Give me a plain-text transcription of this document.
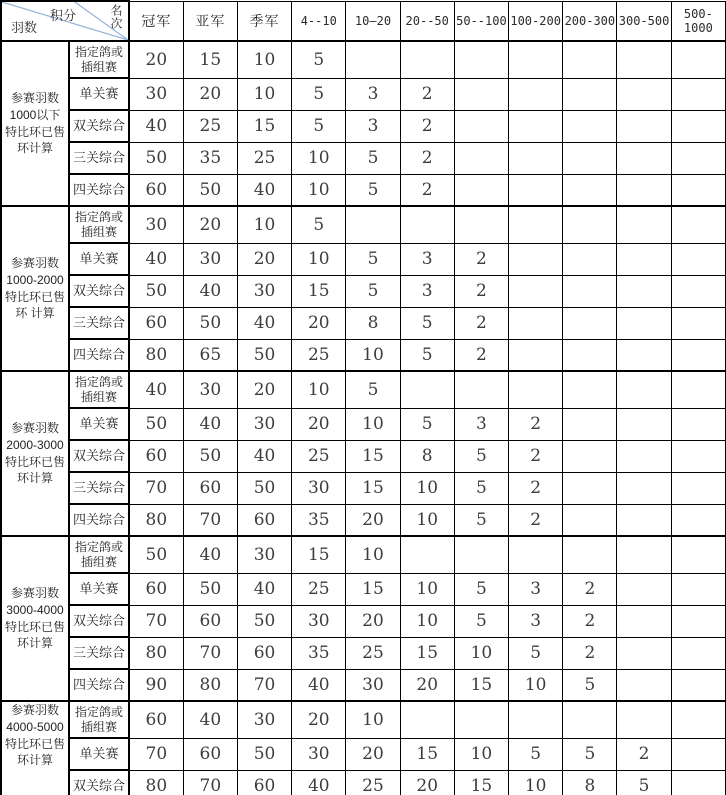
积分 名次
羽数		冠军	亚军	季军	4--10	10—20	20--50	50--100	100-200	200-300	300-500	500-1000

参赛羽数
1000以下
特比环已售
环计算

指定鸽或
插组赛	20	15	10	5							

	单关赛	30	20	10	5	3	2					

	双关综合	40	25	15	5	3	2					

	三关综合	50	35	25	10	5	2					

	四关综合	60	50	40	10	5	2					

参赛羽数
1000-2000
特比环已售
环 计算

指定鸽或
插组赛	30	20	10	5							

	单关赛	40	30	20	10	5	3	2				

	双关综合	50	40	30	15	5	3	2				

	三关综合	60	50	40	20	8	5	2				

	四关综合	80	65	50	25	10	5	2				

参赛羽数
2000-3000
特比环已售
环计算

指定鸽或
插组赛	40	30	20	10	5						

	单关赛	50	40	30	20	10	5	3	2			

	双关综合	60	50	40	25	15	8	5	2			

	三关综合	70	60	50	30	15	10	5	2			

	四关综合	80	70	60	35	20	10	5	2			

参赛羽数
3000-4000
特比环已售
环计算

指定鸽或
插组赛	50	40	30	15	10						

	单关赛	60	50	40	25	15	10	5	3	2		

	双关综合	70	60	50	30	20	10	5	3	2		

	三关综合	80	70	60	35	25	15	10	5	2		

	四关综合	90	80	70	40	30	20	15	10	5		

参赛羽数
4000-5000
特比环已售
环计算

指定鸽或
插组赛	60	40	30	20	10						

	单关赛	70	60	50	30	20	15	10	5	5	2	

	双关综合	80	70	60	40	25	20	15	10	8	5	
